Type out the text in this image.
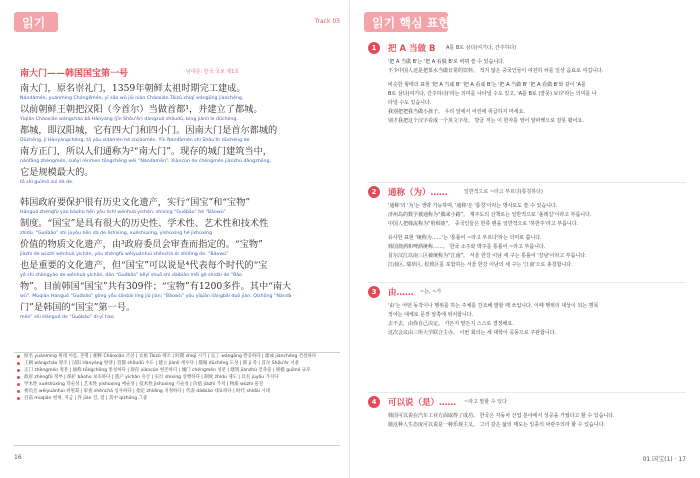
읽기	Track 03
南大门——韩国国宝第一号	남대문: 한국 국보 제1호
南大门，原名崇礼门，1359年朝鲜太祖时期完工建成。
Nándàmén, yuánmíng Chónglǐmén, yī sān wǔ jiǔ nián Cháoxiǎn Tàizǔ shíqī wángōng jiànchéng.
以前朝鲜王朝把汉阳（今首尔）当做首都¹，并建立了都城。
Yǐqián Cháoxiǎn wángcháo bǎ Hànyáng (jīn Shǒu'ěr) dàngzuò shǒudū, bìng jiànlì le dūchéng.
都城，即汉阳城，它有四大门和四小门。因南大门是首尔都城的
Dūchéng, jí Hànyángchéng, tā yǒu sìdàmén hé sìxiǎomén. Yīn Nándàmén shì Shǒu'ěr dūchéng de
南方正门，所以人们通称为²“南大门”。现存的城门建筑当中，
nánfāng zhèngmén, suǒyǐ rénmen tōngchēng wéi “Nándàmén”. Xiàncún de chéngmén jiànzhù dāngzhōng,
它是规模最大的。
tā shì guīmó zuì dà de.
韩国政府要保护很有历史文化遗产，实行“国宝”和“宝物”
Hánguó zhèngfǔ yào bǎohù hěn yǒu lìshǐ wénhuà yíchǎn, shíxíng “Guóbǎo” hé “Bǎowù”
制度。“国宝”是具有很大的历史性、学术性、艺术性和技术性
zhìdù. “Guóbǎo” shì jùyǒu hěn dà de lìshǐxìng, xuéshùxìng, yìshùxìng hé jìshùxìng
价值的物质文化遗产，由³政府委员会审查而指定的。“宝物”
jiàzhí de wùzhì wénhuà yíchǎn, yóu zhèngfǔ wěiyuánhuì shěnchá ér zhǐdìng de. “Bǎowù”
也是重要的文化遗产，但“国宝”可以说是⁴代表每个时代的“宝
yě shì zhòngyào de wénhuà yíchǎn, dàn “Guóbǎo” kěyǐ shuō shì dàibiǎo měi gè shídài de “Bǎo
物”。目前韩国“国宝”共有309件；“宝物”有1200多件。其中“南大
wù”. Mùqián Hánguó “Guóbǎo” gòng yǒu sānbǎi líng jiǔ jiàn; “Bǎowù” yǒu yīqiān liǎngbǎi duō jiàn. Qízhōng “Nándà
门”是韩国的“国宝”第一号。
mén” shì Hánguó de “Guóbǎo” dì-yī hào.
原名 yuánmíng 원래 이름, 본명 | 朝鲜 Cháoxiǎn 조선 | 太祖 Tàizǔ 태조 | 时期 shíqī 시기 | 完工 wángōng 완공하다 | 建成 jiànchéng 건설하다
王朝 wángcháo 왕조 | 汉阳 Hànyáng 한양 | 首都 shǒudū 수도 | 建立 jiànlì 세우다 | 都城 dūchéng 도성 | 即 jí 즉 | 首尔 Shǒu'ěr 서울
正门 zhèngmén 정문 | 通称 tōngchēng 통칭하다 | 现存 xiàncún 현존하다 | 城门 chéngmén 성문 | 建筑 jiànzhù 건축물 | 规模 guīmó 규모
政府 zhèngfǔ 정부 | 保护 bǎohù 보호하다 | 遗产 yíchǎn 유산 | 实行 shíxíng 실행하다 | 制度 zhìdù 제도 | 具有 jùyǒu 가지다
学术性 xuéshùxìng 학술성 | 艺术性 yìshùxìng 예술성 | 技术性 jìshùxìng 기술성 | 价值 jiàzhí 가치 | 物质 wùzhì 물질
委员会 wěiyuánhuì 위원회 | 审查 shěnchá 심사하다 | 指定 zhǐdìng 지정하다 | 代表 dàibiǎo 대표하다 | 时代 shídài 시대
目前 mùqián 현재, 지금 | 件 jiàn 건, 점 | 其中 qízhōng 그중
16
읽기 핵심 표현
1	把 A 当做 B A를 B로 삼다(여기다, 간주하다)
'把 A 当做 B'는 '把 A 看做 B'로 바꿔 쓸 수 있습니다.
不少中国人还是把茶水当做日常的饮料。 적지 않은 중국인들이 여전히 차를 일상 음료로 여깁니다.
비슷한 형태의 표현 '把 A 当成 B' '把 A 看成 B'는 '把 A 当做 B' '把 A 看做 B'와 같이 'A를
B로 삼다(여기다, 간주하다)'라는 의미를 나타낼 수도 있고, 'A를 B로 (잘못) 보다'라는 의미를 나
타낼 수도 있습니다.
我别把把我当做小孩子。 우리 앞에서 어린애 취급하지 마세요.
别才我把这个汉字看成一个英文字母。 방금 저는 이 한자를 영어 알파벳으로 잘못 봤어요.
2	通称（为）……	일반적으로 ~라고 부르다(통칭하다)
'通称'의 '为'는 생략 가능하며, '通称'은 '통칭'이라는 명사로도 쓸 수 있습니다.
济州岛的数字被通称为“偶来小路”。 제주도의 산책로는 일반적으로 '올레길'이라고 부릅니다.
中国人把韩流称为“哈韩族”。 중국인들은 한류 팬을 일반적으로 '하한주'라고 부릅니다.
유사한 표현 '统称为……'는 '통틀어 ~라고 부르다'라는 의미로 씁니다.
韩国烧酒和啤酒统称……。 한국 소주와 맥주를 통틀어 ~라고 부릅니다.
首尔汉江以南三区被统称为“江南”。 서울 한강 이남 세 구는 통틀어 '강남'이라고 부릅니다.
江南区, 瑞草区, 松坡区를 포함하는 서울 한강 이남의 세 구는 '江南'으로 총칭합니다.
3	由…… ~는, ~가
'由'는 어떤 동작이나 행위를 하는 주체를 강조해 말할 때 쓰입니다. 이때 행위의 대상이 되는 명목
적어는 대체로 문장 앞쪽에 위치합니다.
去不去，由你自己决定。 가든지 말든지 스스로 결정해요.
这次会议由三所大学联合主办。 이번 회의는 세 대학이 공동으로 주관합니다.
4	可以说（是）…… ~라고 말할 수 있다
韩国可以说在汽车工业方面取得了成功。 한국은 자동차 산업 분야에서 성공을 거뒀다고 할 수 있습니다.
她这种人生态度可以说是一种乐观主义。 그녀 같은 삶의 태도는 일종의 낙관주의라 할 수 있습니다.
01 国宝(1) · 17
